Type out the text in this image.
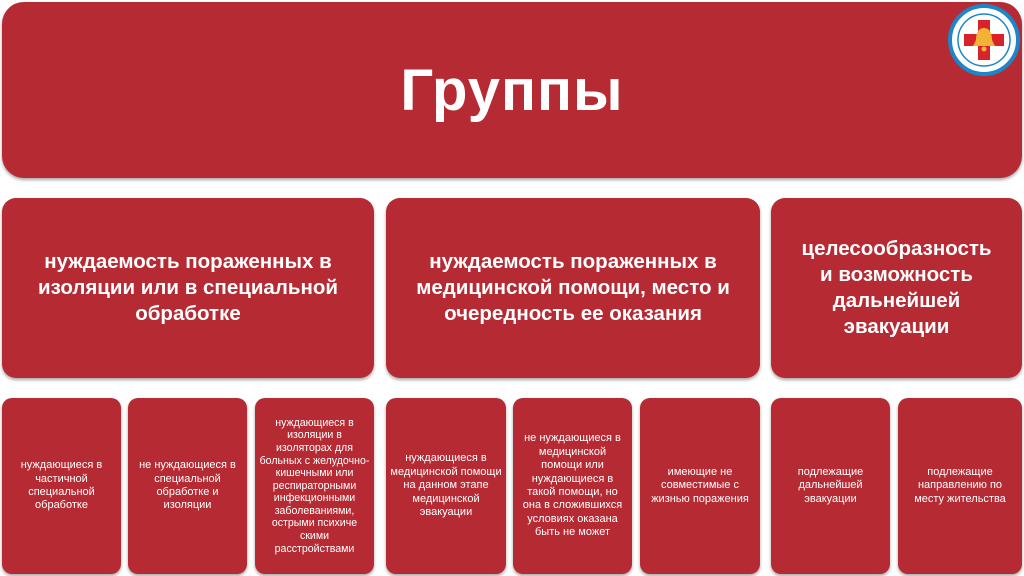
Группы
нуждаемость пораженных в изоляции или в специальной обработке
нуждаемость пораженных в медицинской помощи, место и очередность ее оказания
целесообразность и возможность дальнейшей эвакуации
нуждающиеся в частичной специальной обработке
не нуждающиеся в специальной обработке и изоляции
нуждающиеся в изоляции в изоляторах для больных с желудочно-кишечными или респираторными инфекционными заболеваниями, острыми психиче скими расстройствами
нуждающиеся в медицинской помощи на данном этапе медицинской эвакуации
не нуждающиеся в медицинской помощи или нуждающиеся в такой помощи, но она в сложившихся условиях оказана быть не может
имеющие не совместимые с жизнью поражения
подлежащие дальнейшей эвакуации
подлежащие направлению по месту жительства
